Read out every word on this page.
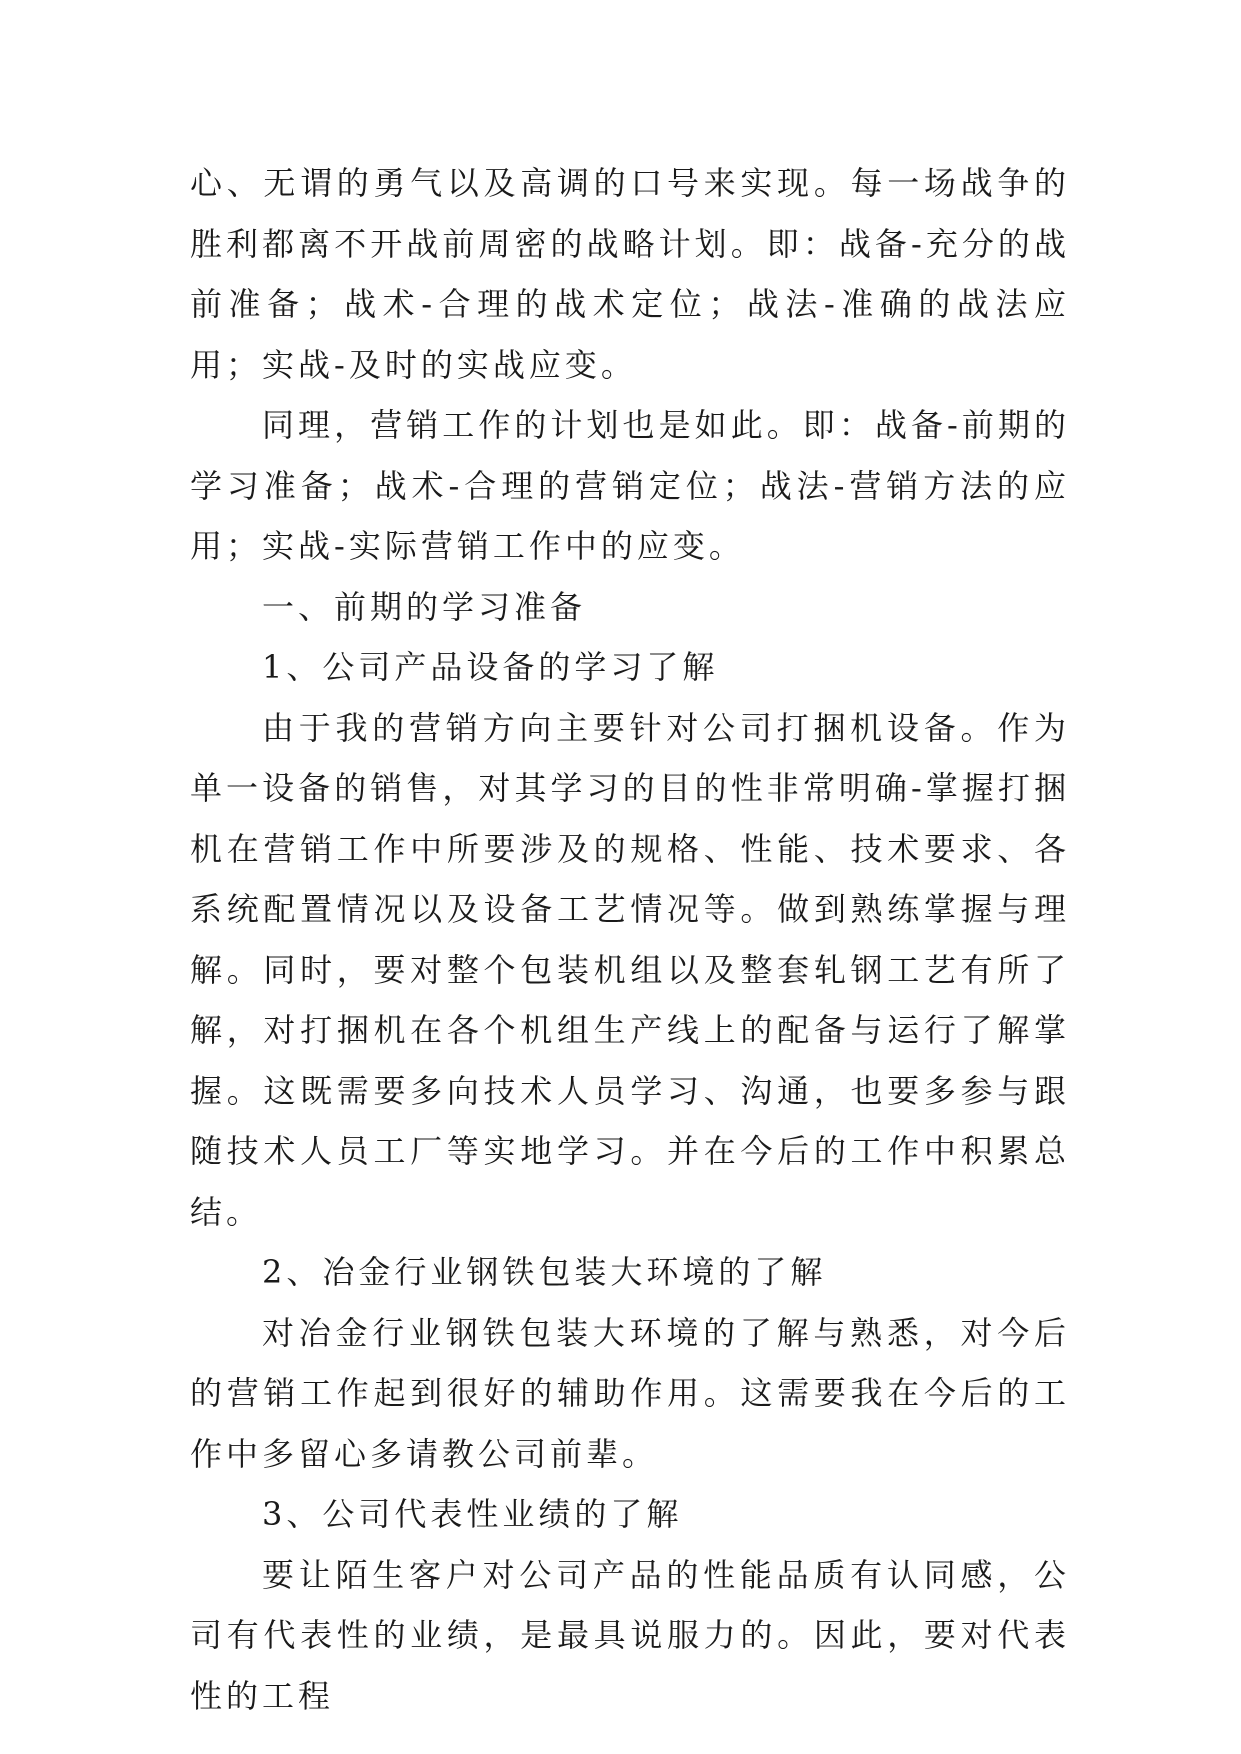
心、无谓的勇气以及高调的口号来实现。每一场战争的胜利都离不开战前周密的战略计划。即：战备-充分的战前准备；战术-合理的战术定位；战法-准确的战法应用；实战-及时的实战应变。

同理，营销工作的计划也是如此。即：战备-前期的学习准备；战术-合理的营销定位；战法-营销方法的应用；实战-实际营销工作中的应变。

一、前期的学习准备

1、公司产品设备的学习了解

由于我的营销方向主要针对公司打捆机设备。作为单一设备的销售，对其学习的目的性非常明确-掌握打捆机在营销工作中所要涉及的规格、性能、技术要求、各系统配置情况以及设备工艺情况等。做到熟练掌握与理解。同时，要对整个包装机组以及整套轧钢工艺有所了解，对打捆机在各个机组生产线上的配备与运行了解掌握。这既需要多向技术人员学习、沟通，也要多参与跟随技术人员工厂等实地学习。并在今后的工作中积累总结。

2、冶金行业钢铁包装大环境的了解

对冶金行业钢铁包装大环境的了解与熟悉，对今后的营销工作起到很好的辅助作用。这需要我在今后的工作中多留心多请教公司前辈。

3、公司代表性业绩的了解

要让陌生客户对公司产品的性能品质有认同感，公司有代表性的业绩，是最具说服力的。因此，要对代表性的工程
